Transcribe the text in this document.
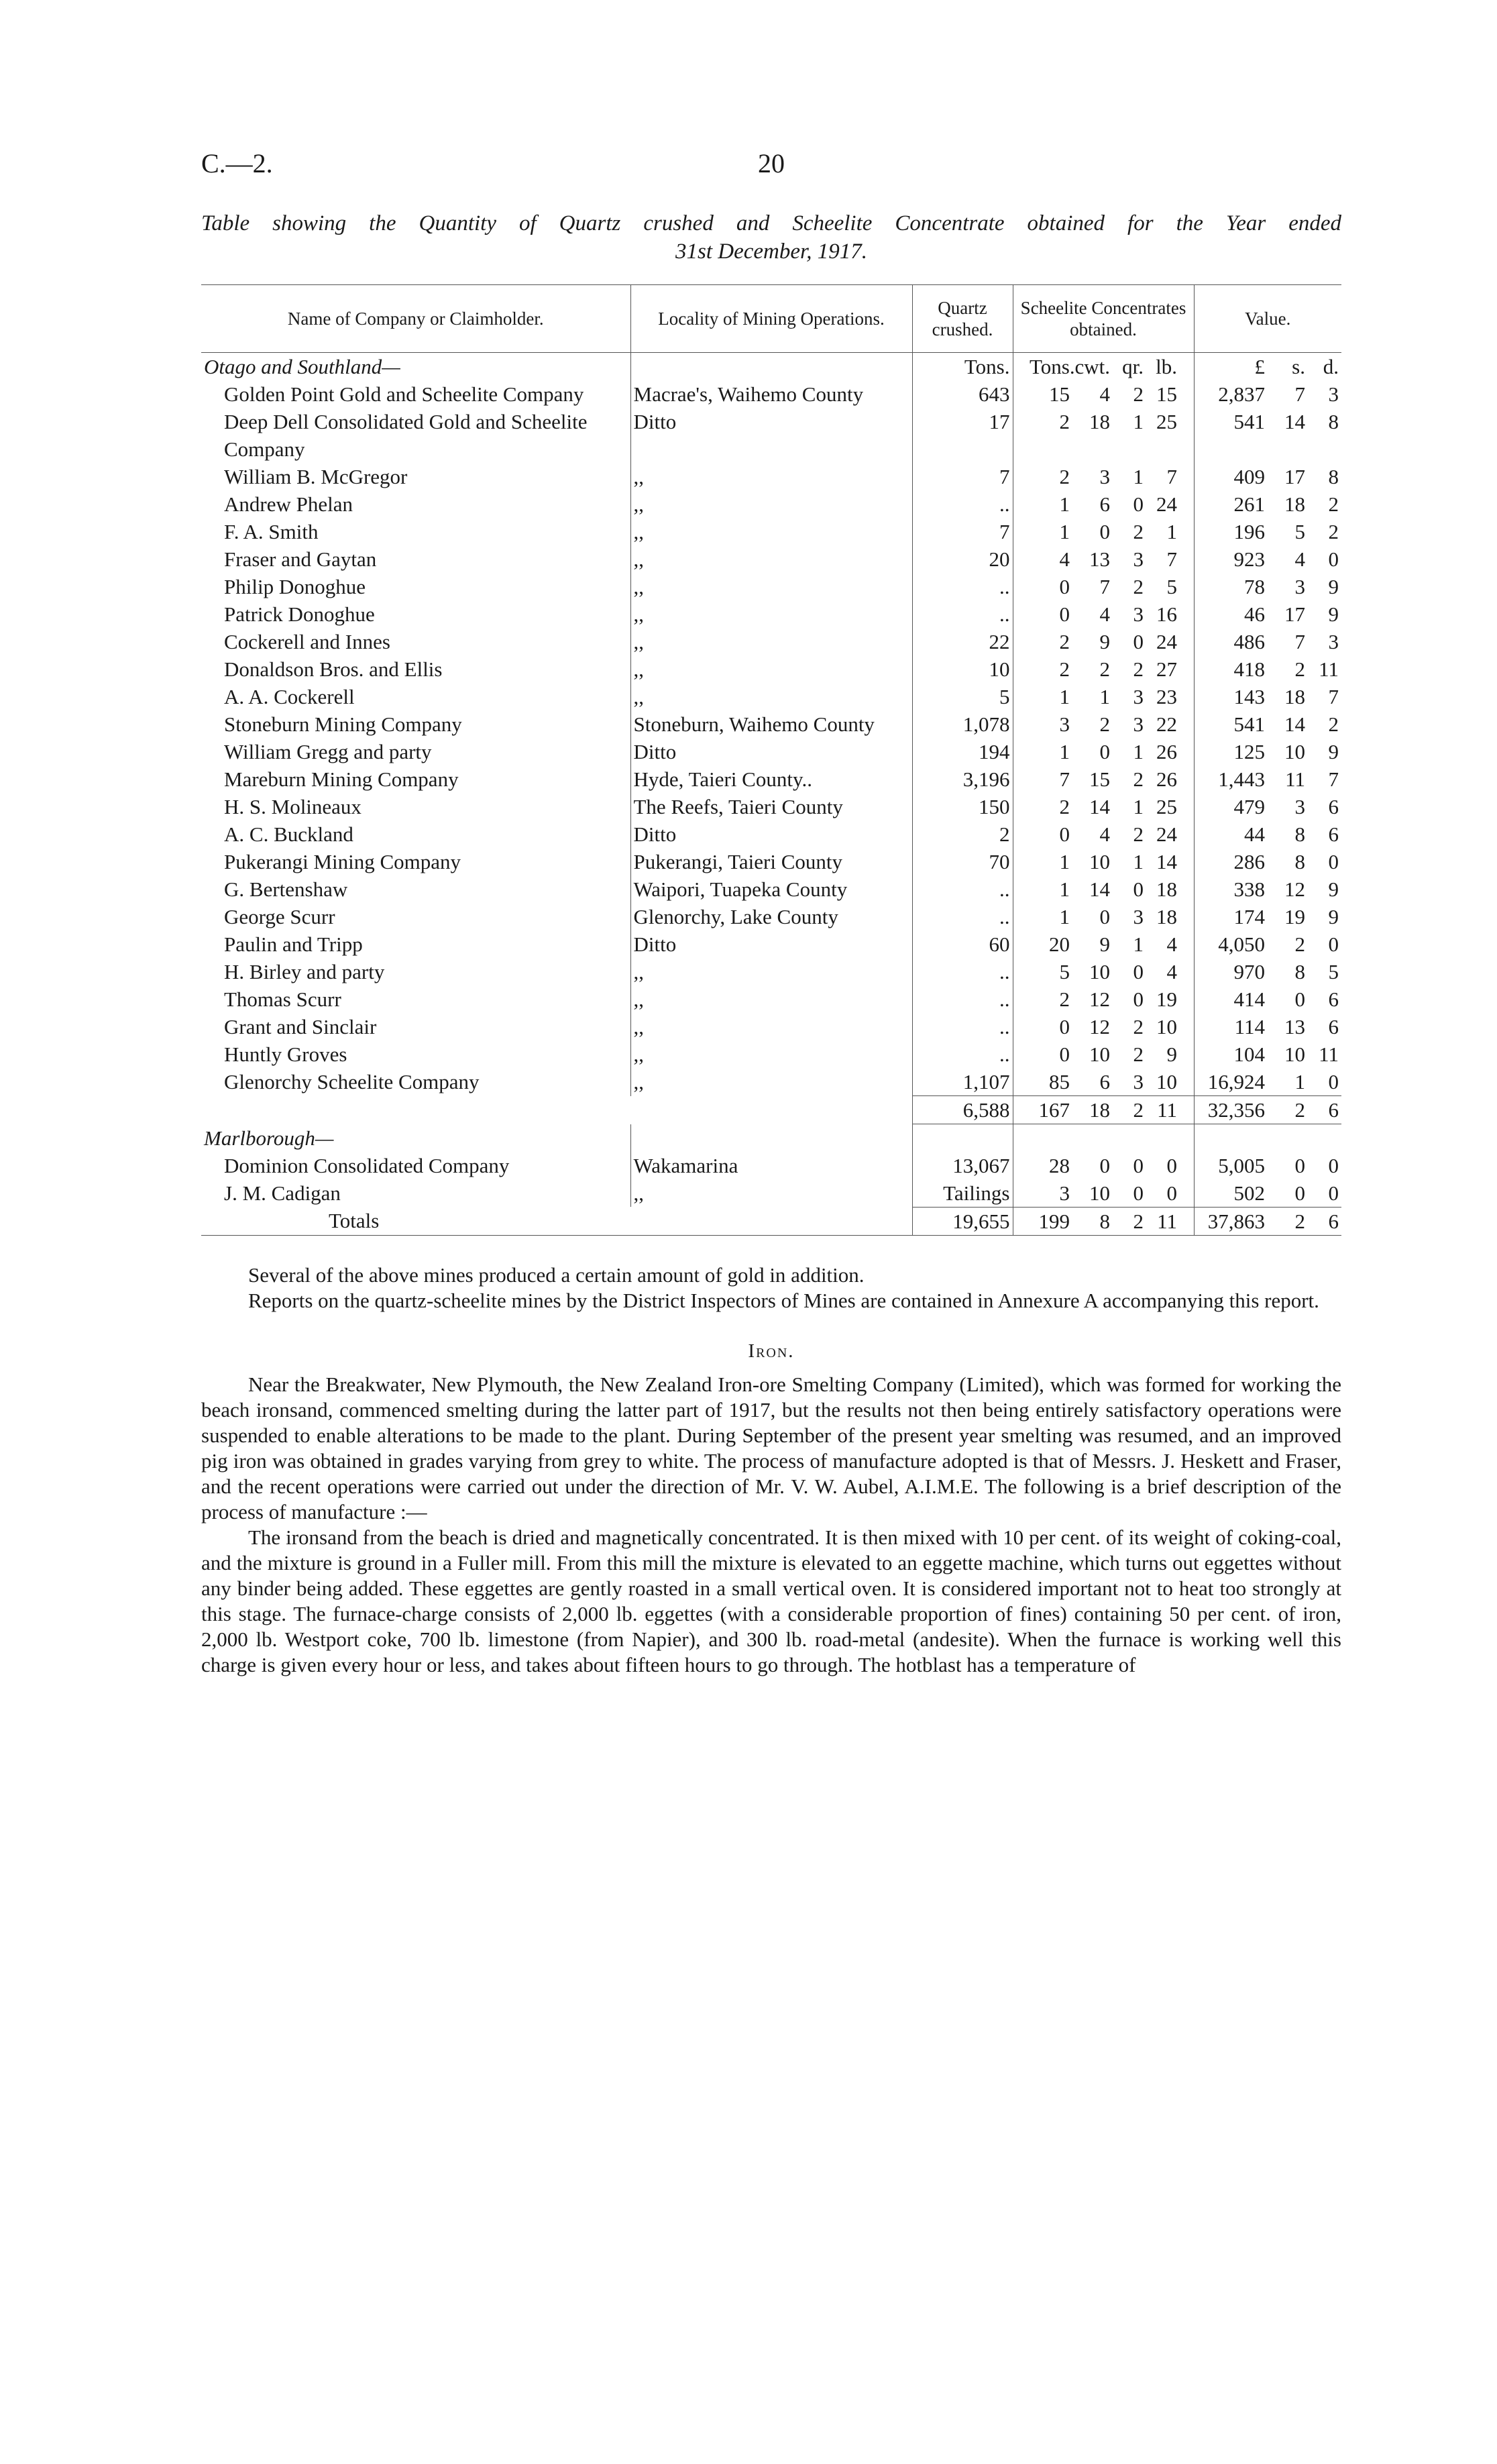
C.—2.	20
Table showing the Quantity of Quartz crushed and Scheelite Concentrate obtained for the Year ended
31st December, 1917.
Name of Company or Claimholder.	Locality of Mining Operations.	Quartz crushed.	Scheelite Concentrates obtained.	Value.
Otago and Southland—		Tons.	Tons. cwt. qr. lb.	£ s. d.

Golden Point Gold and Scheelite Company	Macrae's, Waihemo County	643	15 4 2 15	2,837 7 3

Deep Dell Consolidated Gold and Scheelite Company	Ditto	17	2 18 1 25	541 14 8

William B. McGregor	,,	7	2 3 1 7	409 17 8

Andrew Phelan	,,	..	1 6 0 24	261 18 2

F. A. Smith	,,	7	1 0 2 1	196 5 2

Fraser and Gaytan	,,	20	4 13 3 7	923 4 0

Philip Donoghue	,,	..	0 7 2 5	78 3 9

Patrick Donoghue	,,	..	0 4 3 16	46 17 9

Cockerell and Innes	,,	22	2 9 0 24	486 7 3

Donaldson Bros. and Ellis	,,	10	2 2 2 27	418 2 11

A. A. Cockerell	,,	5	1 1 3 23	143 18 7

Stoneburn Mining Company	Stoneburn, Waihemo County	1,078	3 2 3 22	541 14 2

William Gregg and party	Ditto	194	1 0 1 26	125 10 9

Mareburn Mining Company	Hyde, Taieri County..	3,196	7 15 2 26	1,443 11 7

H. S. Molineaux	The Reefs, Taieri County	150	2 14 1 25	479 3 6

A. C. Buckland	Ditto	2	0 4 2 24	44 8 6

Pukerangi Mining Company	Pukerangi, Taieri County	70	1 10 1 14	286 8 0

G. Bertenshaw	Waipori, Tuapeka County	..	1 14 0 18	338 12 9

George Scurr	Glenorchy, Lake County	..	1 0 3 18	174 19 9

Paulin and Tripp	Ditto	60	20 9 1 4	4,050 2 0

H. Birley and party	,,	..	5 10 0 4	970 8 5

Thomas Scurr	,,	..	2 12 0 19	414 0 6

Grant and Sinclair	,,	..	0 12 2 10	114 13 6

Huntly Groves	,,	..	0 10 2 9	104 10 11

Glenorchy Scheelite Company	,,	1,107	85 6 3 10	16,924 1 0

		6,588	167 18 2 11	32,356 2 6

Marlborough—				
Dominion Consolidated Company	Wakamarina	13,067	28 0 0 0	5,005 0 0

J. M. Cadigan	,,	Tailings	3 10 0 0	502 0 0

Totals		19,655	199 8 2 11	37,863 2 6

Several of the above mines produced a certain amount of gold in addition.

Reports on the quartz-scheelite mines by the District Inspectors of Mines are contained in Annexure A accompanying this report.

Iron.

Near the Breakwater, New Plymouth, the New Zealand Iron-ore Smelting Company (Limited), which was formed for working the beach ironsand, commenced smelting during the latter part of 1917, but the results not then being entirely satisfactory operations were suspended to enable alterations to be made to the plant. During September of the present year smelting was resumed, and an improved pig iron was obtained in grades varying from grey to white. The process of manufacture adopted is that of Messrs. J. Heskett and Fraser, and the recent operations were carried out under the direction of Mr. V. W. Aubel, A.I.M.E. The following is a brief description of the process of manufacture :—

The ironsand from the beach is dried and magnetically concentrated. It is then mixed with 10 per cent. of its weight of coking-coal, and the mixture is ground in a Fuller mill. From this mill the mixture is elevated to an eggette machine, which turns out eggettes without any binder being added. These eggettes are gently roasted in a small vertical oven. It is considered important not to heat too strongly at this stage. The furnace-charge consists of 2,000 lb. eggettes (with a considerable proportion of fines) containing 50 per cent. of iron, 2,000 lb. Westport coke, 700 lb. limestone (from Napier), and 300 lb. road-metal (andesite). When the furnace is working well this charge is given every hour or less, and takes about fifteen hours to go through. The hotblast has a temperature of
